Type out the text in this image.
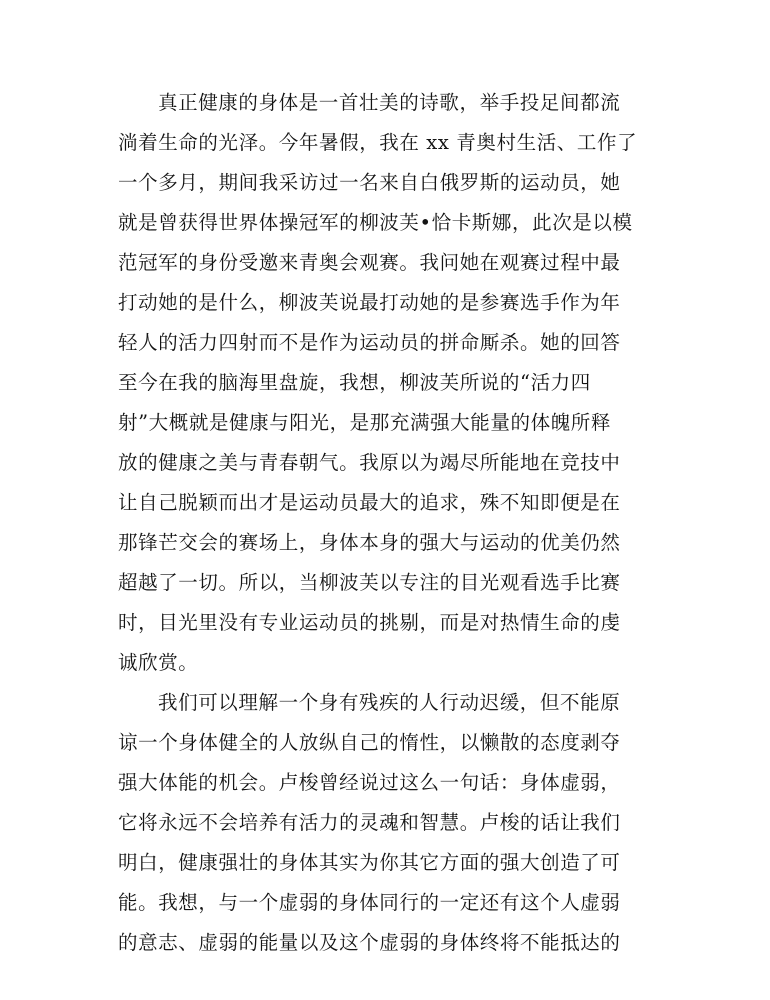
真正健康的身体是一首壮美的诗歌，举手投足间都流
淌着生命的光泽。今年暑假，我在 xx 青奥村生活、工作了
一个多月，期间我采访过一名来自白俄罗斯的运动员，她
就是曾获得世界体操冠军的柳波芙•恰卡斯娜，此次是以模
范冠军的身份受邀来青奥会观赛。我问她在观赛过程中最
打动她的是什么，柳波芙说最打动她的是参赛选手作为年
轻人的活力四射而不是作为运动员的拼命厮杀。她的回答
至今在我的脑海里盘旋，我想，柳波芙所说的“活力四
射”大概就是健康与阳光，是那充满强大能量的体魄所释
放的健康之美与青春朝气。我原以为竭尽所能地在竞技中
让自己脱颖而出才是运动员最大的追求，殊不知即便是在
那锋芒交会的赛场上，身体本身的强大与运动的优美仍然
超越了一切。所以，当柳波芙以专注的目光观看选手比赛
时，目光里没有专业运动员的挑剔，而是对热情生命的虔
诚欣赏。
我们可以理解一个身有残疾的人行动迟缓，但不能原
谅一个身体健全的人放纵自己的惰性，以懒散的态度剥夺
强大体能的机会。卢梭曾经说过这么一句话：身体虚弱，
它将永远不会培养有活力的灵魂和智慧。卢梭的话让我们
明白，健康强壮的身体其实为你其它方面的强大创造了可
能。我想，与一个虚弱的身体同行的一定还有这个人虚弱
的意志、虚弱的能量以及这个虚弱的身体终将不能抵达的
